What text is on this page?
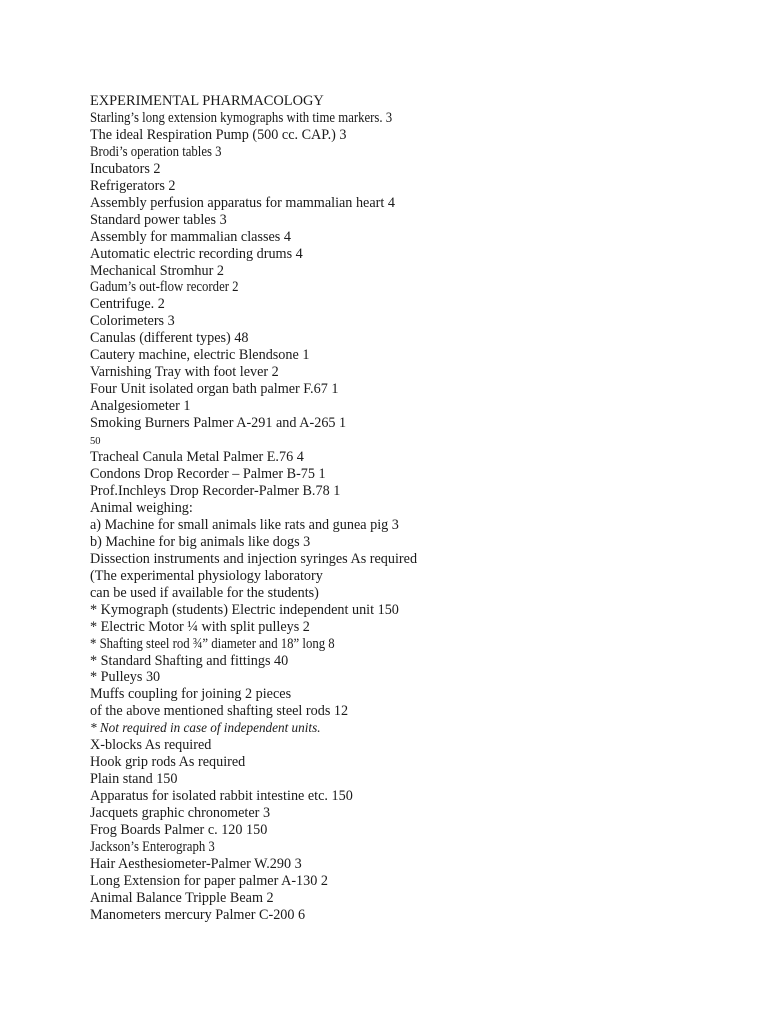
EXPERIMENTAL PHARMACOLOGY
Starling’s long extension kymographs with time markers. 3
The ideal Respiration Pump (500 cc. CAP.) 3
Brodi’s operation tables 3
Incubators 2
Refrigerators 2
Assembly perfusion apparatus for mammalian heart 4
Standard power tables 3
Assembly for mammalian classes 4
Automatic electric recording drums 4
Mechanical Stromhur 2
Gadum’s out-flow recorder 2
Centrifuge. 2
Colorimeters 3
Canulas (different types) 48
Cautery machine, electric Blendsone 1
Varnishing Tray with foot lever 2
Four Unit isolated organ bath palmer F.67 1
Analgesiometer 1
Smoking Burners Palmer A-291 and A-265 1
50
Tracheal Canula Metal Palmer E.76 4
Condons Drop Recorder – Palmer B-75 1
Prof.Inchleys Drop Recorder-Palmer B.78 1
Animal weighing:
a) Machine for small animals like rats and gunea pig 3
b) Machine for big animals like dogs 3
Dissection instruments and injection syringes As required
(The experimental physiology laboratory
can be used if available for the students)
* Kymograph (students) Electric independent unit 150
* Electric Motor ¼ with split pulleys 2
* Shafting steel rod ¾” diameter and 18” long 8
* Standard Shafting and fittings 40
* Pulleys 30
Muffs coupling for joining 2 pieces
of the above mentioned shafting steel rods 12
* Not required in case of independent units.
X-blocks As required
Hook grip rods As required
Plain stand 150
Apparatus for isolated rabbit intestine etc. 150
Jacquets graphic chronometer 3
Frog Boards Palmer c. 120 150
Jackson’s Enterograph 3
Hair Aesthesiometer-Palmer W.290 3
Long Extension for paper palmer A-130 2
Animal Balance Tripple Beam 2
Manometers mercury Palmer C-200 6
